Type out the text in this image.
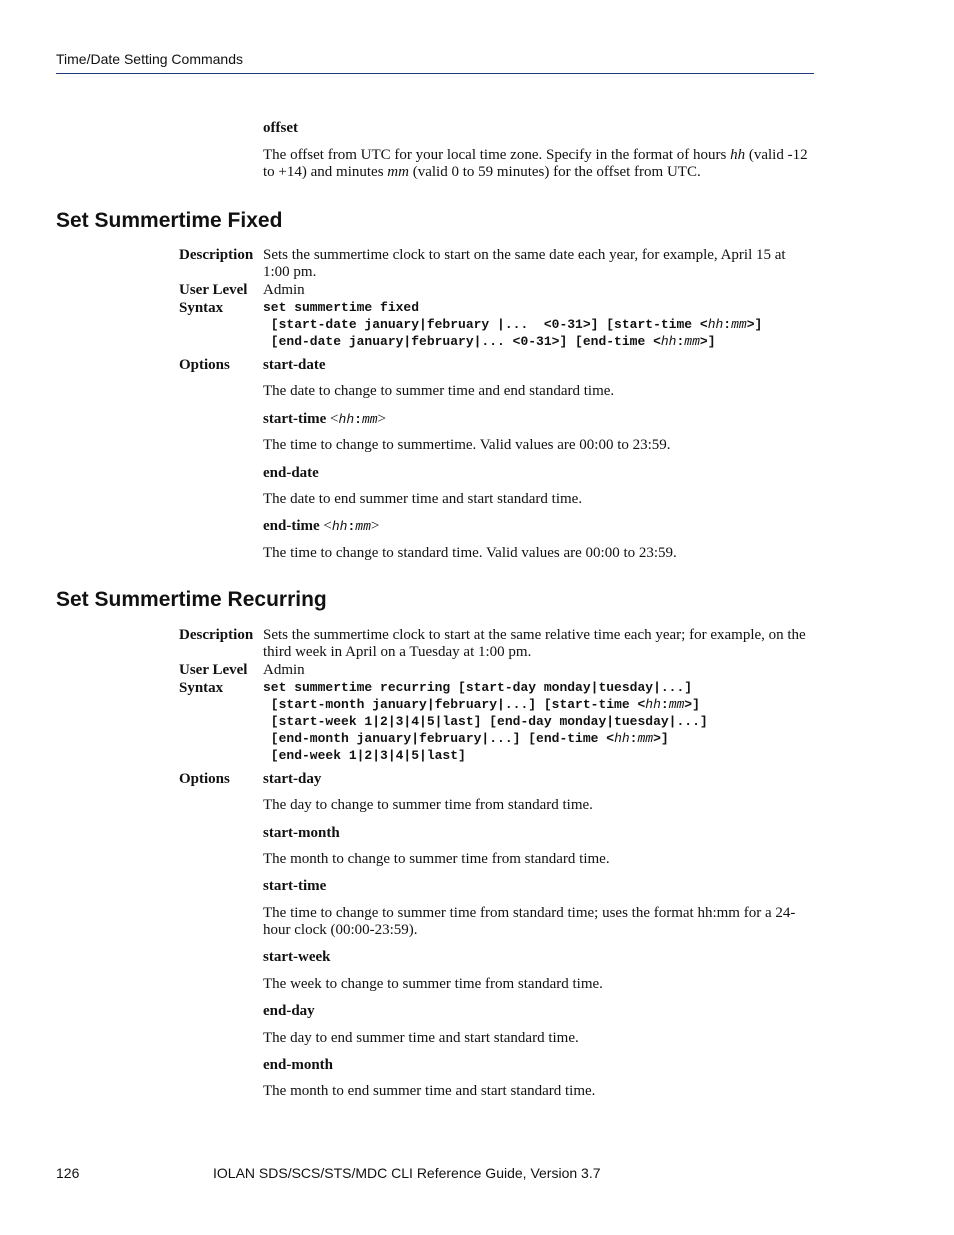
Time/Date Setting Commands
offset
The offset from UTC for your local time zone. Specify in the format of hours hh (valid -12 to +14) and minutes mm (valid 0 to 59 minutes) for the offset from UTC.
Set Summertime Fixed
Description Sets the summertime clock to start on the same date each year, for example, April 15 at 1:00 pm.
User Level Admin
Syntax	set summertime fixed
[start-date january|february |...  <0-31>] [start-time <hh:mm>]
[end-date january|february|... <0-31>] [end-time <hh:mm>]
Options start-date
The date to change to summer time and end standard time.
start-time <hh:mm>
The time to change to summertime. Valid values are 00:00 to 23:59.
end-date
The date to end summer time and start standard time.
end-time <hh:mm>
The time to change to standard time. Valid values are 00:00 to 23:59.
Set Summertime Recurring
Description Sets the summertime clock to start at the same relative time each year; for example, on the third week in April on a Tuesday at 1:00 pm.
User Level Admin
Syntax	set summertime recurring [start-day monday|tuesday|...]
[start-month january|february|...] [start-time <hh:mm>]
[start-week 1|2|3|4|5|last] [end-day monday|tuesday|...]
[end-month january|february|...] [end-time <hh:mm>]
[end-week 1|2|3|4|5|last]
Options start-day
The day to change to summer time from standard time.
start-month
The month to change to summer time from standard time.
start-time
The time to change to summer time from standard time; uses the format hh:mm for a 24-hour clock (00:00-23:59).
start-week
The week to change to summer time from standard time.
end-day
The day to end summer time and start standard time.
end-month
The month to end summer time and start standard time.
126	IOLAN SDS/SCS/STS/MDC CLI Reference Guide, Version 3.7
